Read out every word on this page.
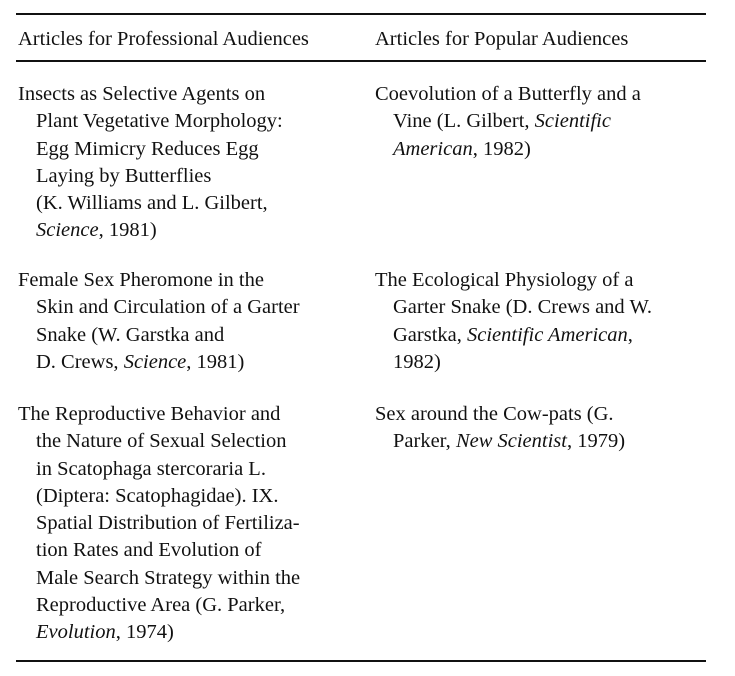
Articles for Professional Audiences	Articles for Popular Audiences
Insects as Selective Agents on
Plant Vegetative Morphology:
Egg Mimicry Reduces Egg
Laying by Butterflies
(K. Williams and L. Gilbert,
Science, 1981)
Coevolution of a Butterfly and a
Vine (L. Gilbert, Scientific
American, 1982)
Female Sex Pheromone in the
Skin and Circulation of a Garter
Snake (W. Garstka and
D. Crews, Science, 1981)
The Ecological Physiology of a
Garter Snake (D. Crews and W.
Garstka, Scientific American,
1982)
The Reproductive Behavior and
the Nature of Sexual Selection
in Scatophaga stercoraria L.
(Diptera: Scatophagidae). IX.
Spatial Distribution of Fertiliza-
tion Rates and Evolution of
Male Search Strategy within the
Reproductive Area (G. Parker,
Evolution, 1974)
Sex around the Cow-pats (G.
Parker, New Scientist, 1979)
